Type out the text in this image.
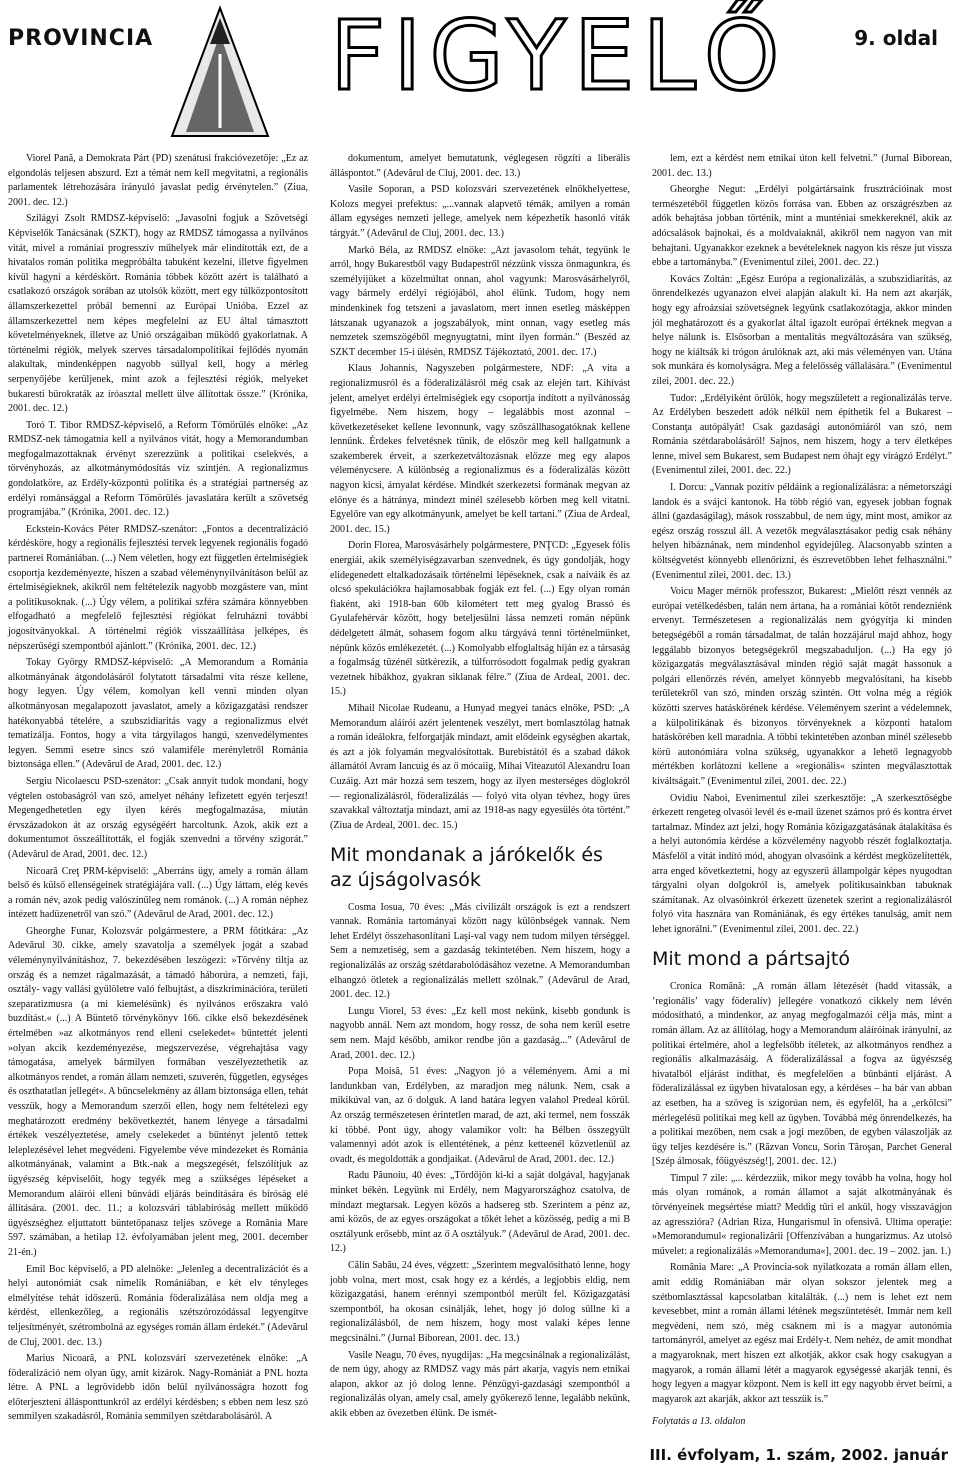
PROVINCIA FIGYELŐ	9. oldal

Viorel Pană, a Demokrata Párt (PD) szenátusi frakcióvezetője: „Ez az elgondolás teljesen abszurd. Ezt a témát nem kell megvitatni, a regionális parlamentek létrehozására irányuló javaslat pedig érvénytelen.” (Ziua, 2001. dec. 12.)

Szilágyi Zsolt RMDSZ-képviselő: „Javasolni fogjuk a Szövetségi Képviselők Tanácsának (SZKT), hogy az RMDSZ támogassa a nyilvános vitát, mivel a romániai progresszív műhelyek már elindították ezt, de a hivatalos román politika megpróbálta tabuként kezelni, illetve figyelmen kívül hagyni a kérdéskört. Románia többek között azért is található a csatlakozó országok sorában az utolsók között, mert egy túlközpontosított államszerkezettel próbál bemenni az Európai Unióba. Ezzel az államszerkezettel nem képes megfelelni az EU által támasztott követelményeknek, illetve az Unió országaiban működő gyakorlatnak. A történelmi régiók, melyek szerves társadalompolitikai fejlődés nyomán alakultak, mindenképpen nagyobb súllyal kell, hogy a mérleg serpenyőjébe kerüljenek, mint azok a fejlesztési régiók, melyeket bukaresti bürokraták az íróasztal mellett ülve állítottak össze.” (Krónika, 2001. dec. 12.)

Toró T. Tibor RMDSZ-képviselő, a Reform Tömörülés elnöke: „Az RMDSZ-nek támogatnia kell a nyilvános vitát, hogy a Memorandumban megfogalmazottaknak érvényt szerezzünk a politikai cselekvés, a törvényhozás, az alkotmánymódosítás víz szintjén. A regionalizmus gondolatköre, az Erdély-központú politika és a stratégiai partnerség az erdélyi románsággal a Reform Tömörülés javaslatára került a szövetség programjába.” (Krónika, 2001. dec. 12.)

Eckstein-Kovács Péter RMDSZ-szenátor: „Fontos a decentralizáció kérdésköre, hogy a regionális fejlesztési tervek legyenek regionális fogadó partnerei Romániában. (...) Nem véletlen, hogy ezt független értelmiségiek csoportja kezdeményezte, hiszen a szabad véleménynyilvánításon belül az értelmiségieknek, akikről nem feltételezik nagyobb mozgástere van, mint a politikusoknak. (...) Úgy vélem, a politikai szféra számára könnyebben elfogadható a megfelelő fejlesztési régiókat felruházni további jogosítványokkal. A történelmi régiók visszaállítása jelképes, és népszerűségi szempontból ajánlott.” (Krónika, 2001. dec. 12.)

Tokay György RMDSZ-képviselő: „A Memorandum a Románia alkotmányának átgondolásáról folytatott társadalmi vita része kellene, hogy legyen. Úgy vélem, komolyan kell venni minden olyan alkotmányosan megalapozott javaslatot, amely a közigazgatási rendszer hatékonyabbá tételére, a szubszidiaritás vagy a regionalizmus elvét tematizálja. Fontos, hogy a vita tárgyilagos hangú, szenvedélymentes legyen. Semmi esetre sincs szó valamiféle merényletről Románia biztonsága ellen.” (Adevărul de Arad, 2001. dec. 12.)

Sergiu Nicolaescu PSD-szenátor: „Csak annyit tudok mondani, hogy végtelen ostobaságról van szó, amelyet néhány lefizetett egyén terjeszt! Megengedhetetlen egy ilyen kérés megfogalmazása, miután érvszázadokon át az ország egységéért harcoltunk. Azok, akik ezt a dokumentumot összeállították, el fogják szenvedni a törvény szigorát.” (Adevărul de Arad, 2001. dec. 12.)

Nicoară Creţ PRM-képviselő: „Aberráns ügy, amely a román állam belső és külső ellenségeinek stratégiájára vall. (...) Úgy láttam, elég kevés a román név, azok pedig valószínűleg nem románok. (...) A román néphez intézett hadüzenetről van szó.” (Adevărul de Arad, 2001. dec. 12.)

Gheorghe Funar, Kolozsvár polgármestere, a PRM főtitkára: „Az Adevărul 30. cikke, amely szavatolja a személyek jogát a szabad véleménynyilvánításhoz, 7. bekezdésében leszögezi: »Törvény tiltja az ország és a nemzet rágalmazását, a támadó háborúra, a nemzeti, faji, osztály- vagy vallási gyűlöletre való felbujtást, a diszkriminációra, területi szeparatizmusra (a mi kiemelésünk) és nyilvános erőszakra való buzdítást.« (...) A Büntető törvénykönyv 166. cikke első bekezdésének értelmében »az alkotmányos rend elleni cselekedet« bűntettét jelenti »olyan akcik kezdeményezése, megszervezése, végrehajtása vagy támogatása, amelyek bármilyen formában veszélyeztethetik az alkotmányos rendet, a román állam nemzeti, szuverén, független, egységes és oszthatatlan jellegét«. A bűncselekmény az állam biztonsága ellen, tehát vesszük, hogy a Memorandum szerzői ellen, hogy nem feltételezi egy meghatározott eredmény bekövetkeztét, hanem lényege a társadalmi értékek veszélyeztetése, amely cselekedet a bűntényt jelentő tettek leleplezésével lehet megvédeni. Figyelembe véve mindezeket és Románia alkotmányának, valamint a Btk.-nak a megszegését, felszólítjuk az ügyészség képviselőit, hogy tegyék meg a szükséges lépéseket a Memorandum aláírói elleni bűnvádi eljárás beindítására és bíróság elé állítására. (2001. dec. 11.; a kolozsvári táblabíróság mellett működő ügyészséghez eljuttatott büntetőpanasz teljes szövege a România Mare 597. számában, a hetilap 12. évfolyamában jelent meg, 2001. december 21-én.)

Emil Boc képviselő, a PD alelnöke: „Jelenleg a decentralizációt és a helyi autonómiát csak nimelik Romániában, e két elv tényleges elmélyítése tehát időszerű. Románia föderalizálása nem oldja meg a kérdést, ellenkezőleg, a regionális szétszórozódással legyengítve teljesítményét, szétrombolná az egységes román állam érdekét.” (Adevărul de Cluj, 2001. dec. 13.)

Marius Nicoară, a PNL kolozsvári szervezetének elnöke: „A föderalizáció nem olyan ügy, amit kizárok. Nagy-Romániát a PNL hozta létre. A PNL a legrövidebb időn belül nyilvánosságra hozott fog előterjeszteni állásponttunkról az erdélyi kérdésben; s ebben nem lesz szó semmilyen szakadásról, Románia semmilyen szétdarabolásáról. A

dokumentum, amelyet bemutatunk, véglegesen rögzíti a liberális álláspontot.” (Adevărul de Cluj, 2001. dec. 13.)

Vasile Soporan, a PSD kolozsvári szervezetének elnökhelyettese, Kolozs megyei prefektus: „...vannak alapvető témák, amilyen a román állam egységes nemzeti jellege, amelyek nem képezhetik hasonló viták tárgyát.” (Adevărul de Cluj, 2001. dec. 13.)

Markó Béla, az RMDSZ elnöke: „Azt javasolom tehát, tegyünk le arról, hogy Bukarestből vagy Budapestről nézzünk vissza önmagunkra, és személyijüket a közelmúltat onnan, ahol vagyunk: Marosvásárhelyről, vagy bármely erdélyi régiójából, ahol élünk. Tudom, hogy nem mindenkinek fog tetszeni a javaslatom, mert innen esetleg másképpen látszanak ugyanazok a jogszabályok, mint onnan, vagy esetleg más nemzetek szemszögéből megnyugtatni, mint ilyen formán.” (Beszéd az SZKT december 15-i ülésén, RMDSZ Tájékoztató, 2001. dec. 17.)

Klaus Johannis, Nagyszeben polgármestere, NDF: „A vita a regionalizmusról és a föderalizálásról még csak az elején tart. Kihívást jelent, amelyet erdélyi értelmiségiek egy csoportja indított a nyilvánosság figyelmébe. Nem hiszem, hogy – legalábbis most azonnal – következetéseket kellene levonnunk, vagy szőszállhasogatóknak kellene lennünk. Érdekes felvetésnek tűnik, de először meg kell hallgatnunk a szakemberek érveit, a szerkezetváltozásnak előzze meg egy alapos véleménycsere. A különbség a regionalizmus és a föderalizálás között nagyon kicsi, árnyalat kérdése. Mindkét szerkezetsi formának megvan az előnye és a hátránya, mindezt minél szélesebb körben meg kell vitatni. Egyelőre van egy alkotmányunk, amelyet be kell tartani.” (Ziua de Ardeal, 2001. dec. 15.)

Dorin Florea, Marosvásárhely polgármestere, PNŢCD: „Egyesek fólis energiái, akik személyiségzavarban szenvednek, és úgy gondolják, hogy elidegenedett eltalkadozásaik történelmi lépéseknek, csak a naiváik és az olcsó spekulációkra hajlamosabbak fogják ezt fel. (...) Egy olyan román fiaként, aki 1918-ban 60b kilométert tett meg gyalog Brassó és Gyulafehérvár között, hogy beteljesülni lássa nemzeti román népünk dédelgetett álmát, sohasem fogom alku tárgyává tenni történelmünket, népünk közös emlékezetét. (...) Komolyabb elfoglaltság híján ez a társaság a fogalmság tüzénél sütkérezik, a túlforrósodott fogalmak pedig gyakran vezetnek hibákhoz, gyakran siklanak félre.” (Ziua de Ardeal, 2001. dec. 15.)

Mihail Nicolae Rudeanu, a Hunyad megyei tanács elnöke, PSD: „A Memorandum aláírói azért jelentenek veszélyt, mert bomlasztólag hatnak a román ideálokra, felforgatják mindazt, amit elődeink egységben akartak, és azt a jók folyamán megvalósítottak. Burebistától és a szabad dákok államától Avram Iancuig és az ő mócaiig, Mihai Viteazutól Alexandru Ioan Cuzáig. Azt már hozzá sem teszem, hogy az ilyen mesterséges döglokról — regionalizálásról, föderalizálás — folyó vita olyan tévhez, hogy üres szavakkal változtatja mindazt, ami az 1918-as nagy egyesülés óta történt.” (Ziua de Ardeal, 2001. dec. 15.)

Mit mondanak a járókelők és az újságolvasók

Cosma Iosua, 70 éves: „Más civilizált országok is ezt a rendszert vannak. Románia tartományai között nagy különbségek vannak. Nem lehet Erdélyt összehasonlítani Laşi-val vagy nem tudom milyen térséggel. Sem a nemzetiség, sem a gazdaság tekintetében. Nem hiszem, hogy a regionalizálás az ország szétdarabolódásához vezetne. A Memorandumban elhangzó ötletek a regionalizálás mellett szólnak.” (Adevărul de Arad, 2001. dec. 12.)

Lungu Viorel, 53 éves: „Ez kell most nekünk, kisebb gondunk is nagyobb annál. Nem azt mondom, hogy rossz, de soha nem kerül esetre sem nem. Majd később, amikor rendbe jön a gazdaság...” (Adevărul de Arad, 2001. dec. 12.)

Popa Moisă, 51 éves: „Nagyon jó a véleményem. Ami a mi landunkban van, Erdélyben, az maradjon meg nálunk. Nem, csak a mikikúval van, az ő dolguk. A land határa legyen valahol Predeal körül. Az ország természetesen érintetlen marad, de azt, aki termel, nem fosszák ki többé. Pont úgy, ahogy valamikor volt: ha Bélben összegyűlt valamennyi adót azok is ellentétének, a pénz ketteenél közvetlenül az ovadt, és megoldották a gondjaikat. (Adevărul de Arad, 2001. dec. 12.)

Radu Păunoiu, 40 éves: „Tördőjön ki-ki a saját dolgával, hagyjanak minket békén. Legyünk mi Erdély, nem Magyarországhoz csatolva, de mindazt megtarsak. Legyen közös a hadsereg stb. Szerintem a pénz az, ami közös, de az egyes országokat a tőkét lehet a közösség, pedig a mi B osztályunk erősebb, mint az ő A osztályuk.” (Adevărul de Arad, 2001. dec. 12.)

Călin Sabău, 24 éves, végzett: „Szerintem megvalósítható lenne, hogy jobb volna, mert most, csak hogy ez a kérdés, a legjobbis eldig, nem közigazgatási, hanem erénnyi szempontból merült fel. Közigazgatási szempontból, ha okosan csinálják, lehet, hogy jó dolog süllne ki a regionalizálásból, de nem hiszem, hogy most valaki képes lenne megcsinálni.” (Jurnal Biborean, 2001. dec. 13.)

Vasile Neagu, 70 éves, nyugdíjas: „Ha megcsinálnak a regionalizálást, de nem úgy, ahogy az RMDSZ vagy más párt akarja, vagyis nem etnikai alapon, akkor az jó dolog lenne. Pénzügyi-gazdasági szempontból a regionalizálás olyan, amely csal, amely gyökerező lenne, legalább nekünk, akik ebben az övezetben élünk. De ismét-

lem, ezt a kérdést nem etnikai úton kell felvetni.” (Jurnal Biborean, 2001. dec. 13.)

Gheorghe Negut: „Erdélyi polgártársaink frusztrációinak most természetéből független közös forrása van. Ebben az országrészben az adók behajtása jobban történik, mint a munténiai smekkereknél, akik az adócsalások bajnokai, és a moldvaiaknál, akikről nem nagyon van mit behajtani. Ugyanakkor ezeknek a bevételeknek nagyon kis része jut vissza ebbe a tartományba.” (Evenimentul zilei, 2001. dec. 22.)

Kovács Zoltán: „Egész Európa a regionalizálás, a szubszidiaritás, az önrendelkezés ugyanazon elvei alapján alakult ki. Ha nem azt akarják, hogy egy afroázsiai szövetségnek legyünk csatlakozótagja, akkor minden jól meghatározott és a gyakorlat által igazolt európai értéknek megvan a helye nálunk is. Elsősorban a mentalitás megváltozására van szükség, hogy ne kiáltsák ki trógon árulóknak azt, aki más véleményen van. Utána sok munkára és komolyságra. Meg a felelősség vállalására.” (Evenimentul zilei, 2001. dec. 22.)

Tudor: „Erdélyiként örülök, hogy megszületett a regionalizálás terve. Az Erdélyben beszedett adók nélkül nem építhetik fel a Bukarest – Constanţa autópályát! Csak gazdasági autonómiáról van szó, nem Románia szétdarabolásáról! Sajnos, nem hiszem, hogy a terv életképes lenne, mivel sem Bukarest, sem Budapest nem óhajt egy virágzó Erdélyt.” (Evenimentul zilei, 2001. dec. 22.)

I. Dorcu: „Vannak pozitív példáink a regionalizálásra: a németországi landok és a svájci kantonok. Ha több régió van, egyesek jobban fognak állni (gazdaságilag), mások rosszabbul, de nem úgy, mint most, amikor az egész ország rosszul áll. A vezetők megválasztásakor pedig csak néhány helyen hibáznának, nem mindenhol egyidejűleg. Alacsonyabb szinten a költségvetést könnyebb ellenőrizni, és észrevetőbben lehet felhasználni.” (Evenimentul zilei, 2001. dec. 13.)

Voicu Mager mérnök professzor, Bukarest: „Mielőtt részt vennék az európai vetélkedésben, talán nem ártana, ha a romániai kötőt rendezniénk ervenyt. Természetesen a regionalizálás nem gyógyítja ki minden betegségéből a román társadalmat, de talán hozzájárul majd ahhoz, hogy leggálabb bizonyos betegségekről megszabaduljon. (...) Ha egy jó közigazgatás megválasztásával minden régió saját magát hassonuk a polgári ellenőrzés révén, amelyet könnyebb megvalósítani, ha kisebb területekről van szó, minden ország szintén. Ott volna még a régiók közötti szerves hatáskörének kérdése. Véleményem szerint a védelemnek, a külpolitikának és bizonyos törvényeknek a központi hatalom hatáskörében kell maradnia. A többi tekintetében azonban minél szélesebb körű autonómiára volna szükség, ugyanakkor a lehető legnagyobb mértékben korlátozni kellene a »regionális« szinten megválasztottak kiváltságait.” (Evenimentul zilei, 2001. dec. 22.)

Ovidiu Naboi, Evenimentul zilei szerkesztője: „A szerkesztőségbe érkezett rengeteg olvasói levél és e-mail üzenet számos pró és kontra érvet tartalmaz. Mindez azt jelzi, hogy Románia közigazgatásának átalakítása és a helyi autonómia kérdése a közvélemény nagyobb részét foglalkoztatja. Másfelől a vitát indító mód, ahogyan olvasóink a kérdést megközelítették, arra enged következtetni, hogy az egyszerű állampolgár képes nyugodtan tárgyalni olyan dolgokról is, amelyek politikusainkban tabuknak számítanak. Az olvasóinkról érkezett üzenetek szerint a regionalizálásról folyó vita hasznára van Romániának, és egy értékes tanulság, amit nem lehet ignorálni.” (Evenimentul zilei, 2001. dec. 22.)

Mit mond a pártsajtó

Cronica Română: „A román állam létezését (hadd vitassák, a ’regionális’ vagy föderalív) jellegére vonatkozó cikkely nem lévén módosítható, a mindenkor, az anyag megfogalmazói célja más, mint a román állam. Az az állítólag, hogy a Memorandum aláíróinak irányulni, az politikai értelmére, ahol a legfelsőbb ítéletek, az alkotmányos rendhez a regionális alkalmazásáig. A föderalizálással a fogva az ügyészség hivatalból eljárást indíthat, és megfelelően a bűnbánti eljárást. A föderalizálással ez ügyben hivatalosan egy, a kérdéses – ha bár van abban az esetben, ha a szöveg is szigorúan nem, és egyfelől, ha a „erkölcsi” mérlegelésű politikai meg kell az ügyben. Továbbá még önrendelkezés, ha a politikai mezőben, nem csak a jogi mezőben, de egyben válaszolják az ügy teljes kezdésére is.” (Răzvan Voncu, Sorin Tăroşan, Parchet General [Szép álmosak, főügyészség!], 2001. dec. 12.)

Timpul 7 zile: „... kérdezzük, mikor megy tovább ha volna, hogy hol más olyan románok, a román államot a saját alkotmányának és törvényeinek megsértése miatt? Meddig tűri el ankül, hogy visszavágjon az agresszióra? (Adrian Riza, Hungarismul în ofensivă. Ultima operaţie: »Memorandumul« regionalizării [Offenzívában a hungarizmus. Az utolsó művelet: a regionalizálás »Memoranduma«], 2001. dec. 19 – 2002. jan. 1.)

România Mare: „A Provincia-sok nyilatkozata a román állam ellen, amit eddig Romániában már olyan sokszor jelentek meg a szétbomlasztással kapcsolatban kitalálták. (...) nem is lehet ezt nem kevesebbet, mint a román állami létének megszüntetését. Immár nem kell megvédeni, nem szó, még csaknem mi is a magyar autonómia tartományról, amelyet az egész mai Erdély-t. Nem nehéz, de amit mondhat a magyaroknak, mert hiszen ezt alkotják, akkor csak hogy csakugyan a magyarok, a román állami létét a magyarok egységessé akarják tenni, és hogy legyen a magyar központ. Nem is kell itt egy nagyobb érvet beírni, a magyarok azt akarják, akkor azt tesszük is.”

Folytatás a 13. oldalon

III. évfolyam, 1. szám, 2002. január
